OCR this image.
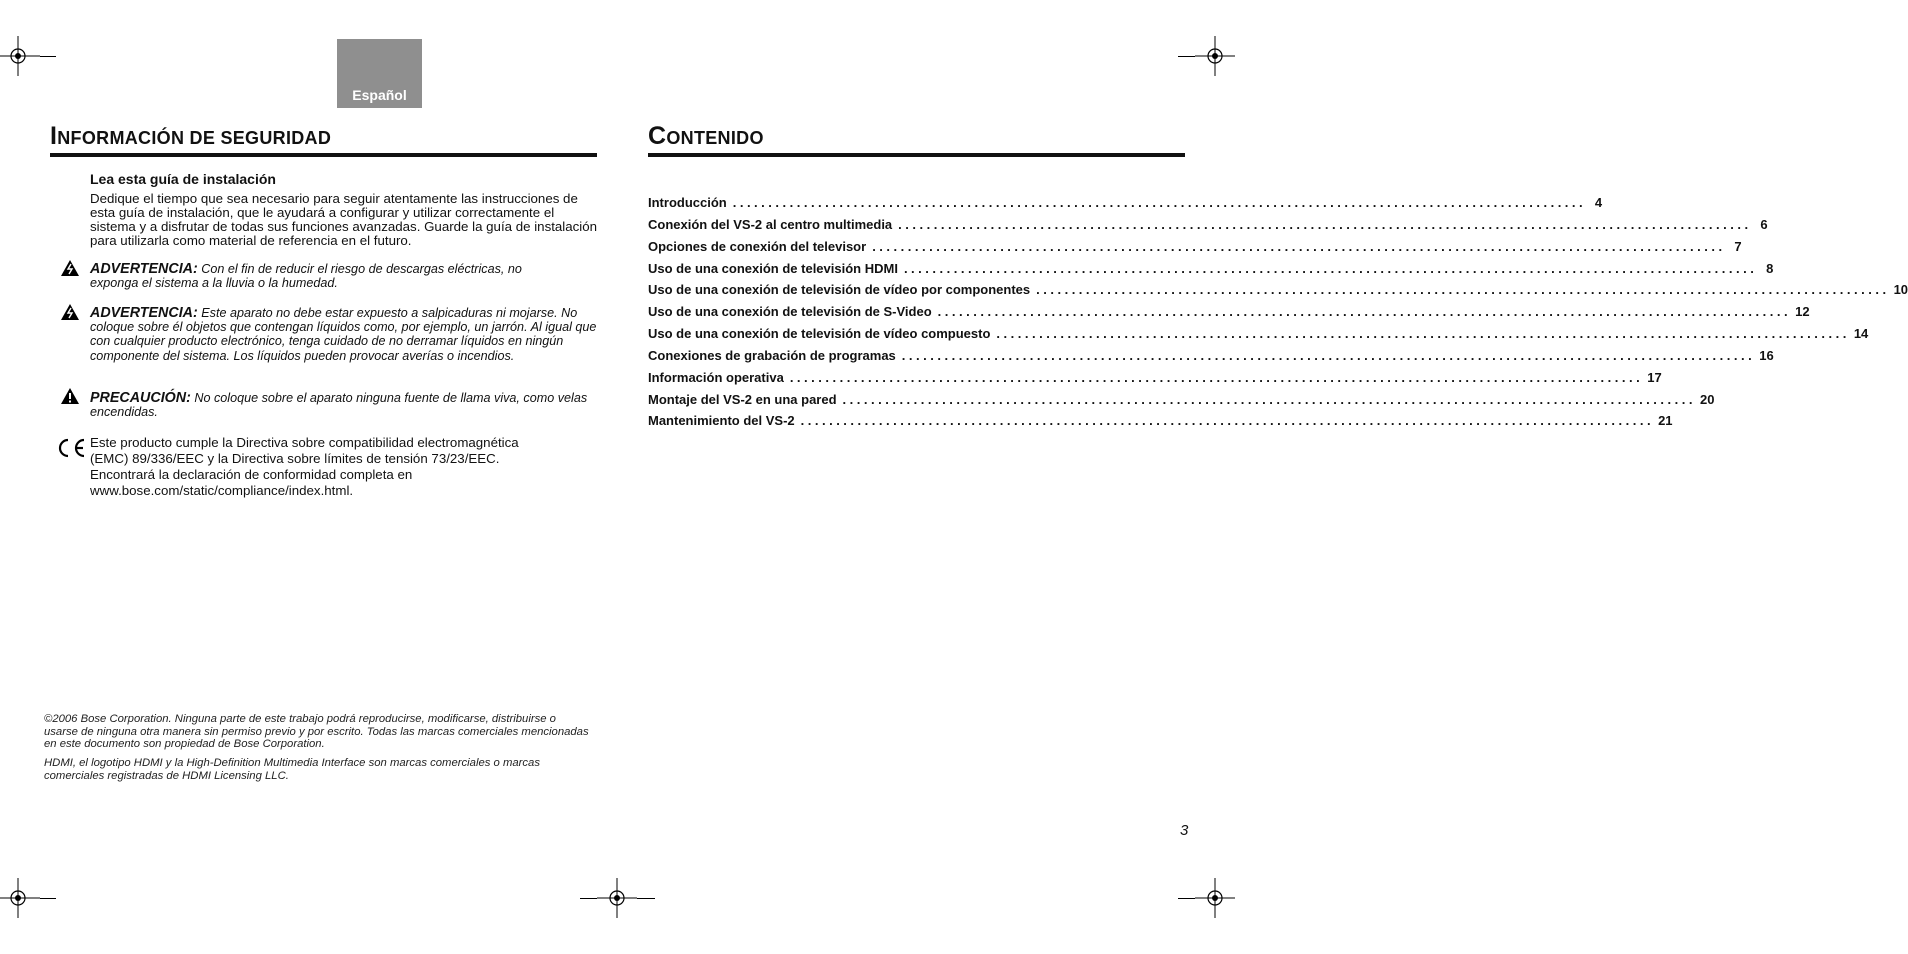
Español
INFORMACIÓN DE SEGURIDAD	CONTENIDO
Lea esta guía de instalación
Dedique el tiempo que sea necesario para seguir atentamente las instrucciones de esta guía de instalación, que le ayudará a configurar y utilizar correctamente el sistema y a disfrutar de todas sus funciones avanzadas. Guarde la guía de instalación para utilizarla como material de referencia en el futuro.
ADVERTENCIA: Con el fin de reducir el riesgo de descargas eléctricas, no exponga el sistema a la lluvia o la humedad.
ADVERTENCIA: Este aparato no debe estar expuesto a salpicaduras ni mojarse. No coloque sobre él objetos que contengan líquidos como, por ejemplo, un jarrón. Al igual que con cualquier producto electrónico, tenga cuidado de no derramar líquidos en ningún componente del sistema. Los líquidos pueden provocar averías o incendios.
PRECAUCIÓN: No coloque sobre el aparato ninguna fuente de llama viva, como velas encendidas.
Este producto cumple la Directiva sobre compatibilidad electromagnética
(EMC) 89/336/EEC y la Directiva sobre límites de tensión 73/23/EEC.
Encontrará la declaración de conformidad completa en
www.bose.com/static/compliance/index.html.
©2006 Bose Corporation. Ninguna parte de este trabajo podrá reproducirse, modificarse, distribuirse o usarse de ninguna otra manera sin permiso previo y por escrito. Todas las marcas comerciales mencionadas en este documento son propiedad de Bose Corporation.
HDMI, el logotipo HDMI y la High-Definition Multimedia Interface son marcas comerciales o marcas comerciales registradas de HDMI Licensing LLC.
Introducción ........................................................................................................................ 4
Conexión del VS-2 al centro multimedia ........................................................................................................................ 6
Opciones de conexión del televisor ........................................................................................................................ 7
Uso de una conexión de televisión HDMI ........................................................................................................................ 8
Uso de una conexión de televisión de vídeo por componentes ........................................................................................................................ 10
Uso de una conexión de televisión de S-Video ........................................................................................................................ 12
Uso de una conexión de televisión de vídeo compuesto ........................................................................................................................ 14
Conexiones de grabación de programas ........................................................................................................................ 16
Información operativa ........................................................................................................................ 17
Montaje del VS-2 en una pared ........................................................................................................................ 20
Mantenimiento del VS-2 ........................................................................................................................ 21
3
